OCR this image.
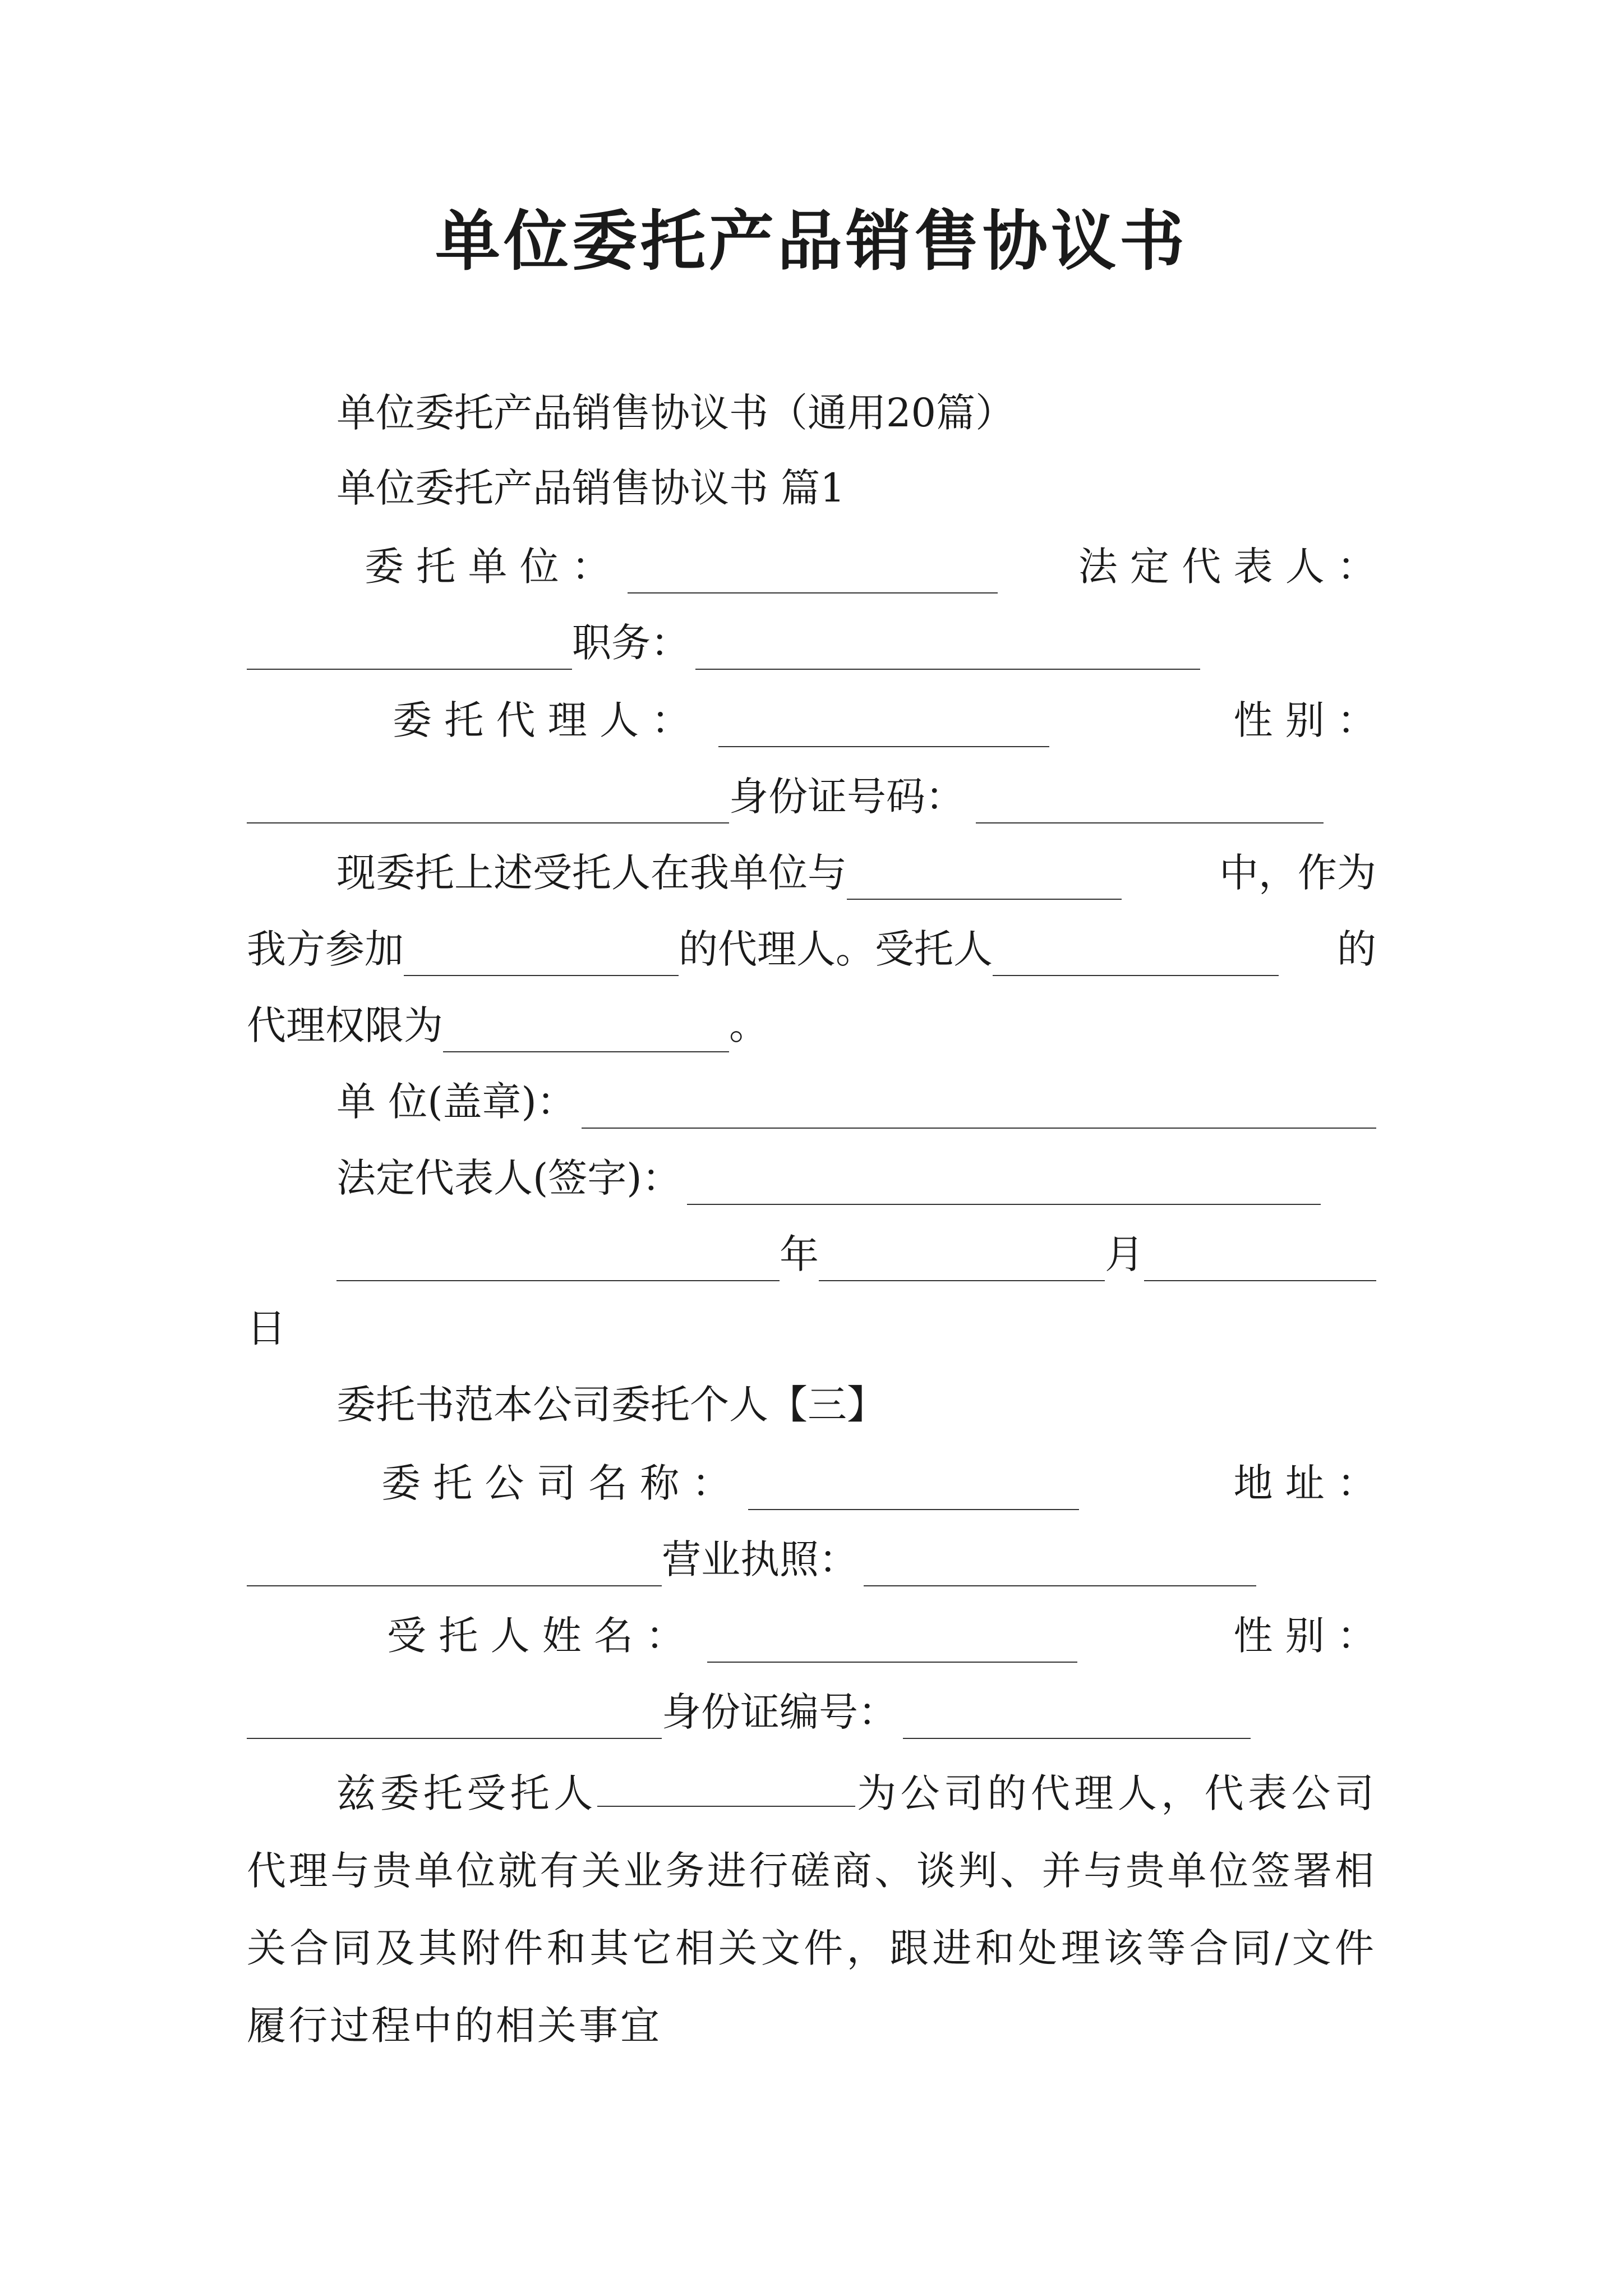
单位委托产品销售协议书
单位委托产品销售协议书（通用20篇）
单位委托产品销售协议书 篇1
委 托 单 位 ：	法 定 代 表 人 ：
职务：
委 托 代 理 人 ：	性 别 ：
身份证号码：
现委托上述受托人在我单位与	中，作为
我方参加	的代理人。受托人	的
代理权限为	。
单 位(盖章)：
法定代表人(签字)：
年	月
日
委托书范本公司委托个人【三】
委 托 公 司 名 称 ：	地 址 ：
营业执照：
受 托 人 姓 名 ：	性 别 ：
身份证编号：
兹委托受托人	为公司的代理人，代表公司代理与贵单位就有关业务进行磋商、谈判、并与贵单位签署相关合同及其附件和其它相关文件，跟进和处理该等合同/文件履行过程中的相关事宜
